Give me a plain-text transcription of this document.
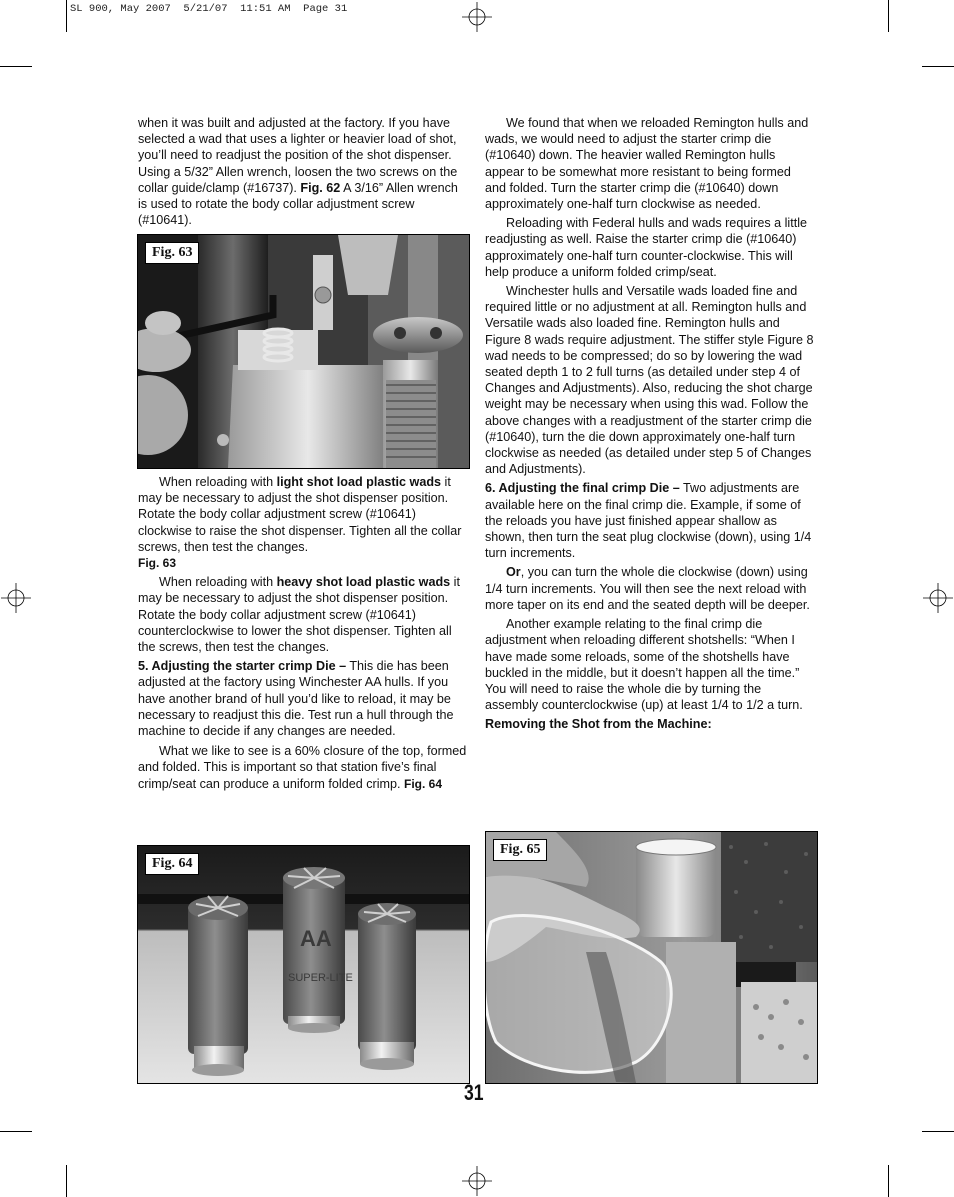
SL 900, May 2007  5/21/07  11:51 AM  Page 31

when it was built and adjusted at the factory. If you have selected a wad that uses a lighter or heavier load of shot, you’ll need to readjust the position of the shot dispenser. Using a 5/32” Allen wrench, loosen the two screws on the collar guide/clamp (#16737). Fig. 62 A 3/16” Allen wrench is used to rotate the body collar adjustment screw (#10641).

Fig. 63

When reloading with light shot load plastic wads it may be necessary to adjust the shot dispenser position. Rotate the body collar adjustment screw (#10641) clockwise to raise the shot dispenser. Tighten all the collar screws, then test the changes.
Fig. 63

When reloading with heavy shot load plastic wads it may be necessary to adjust the shot dispenser position. Rotate the body collar adjustment screw (#10641) counterclockwise to lower the shot dispenser. Tighten all the screws, then test the changes.

5. Adjusting the starter crimp Die – This die has been adjusted at the factory using Winchester AA hulls. If you have another brand of hull you’d like to reload, it may be necessary to readjust this die. Test run a hull through the machine to decide if any changes are needed.

What we like to see is a 60% closure of the top, formed and folded. This is important so that station five’s final crimp/seat can produce a uniform folded crimp. Fig. 64

Fig. 64
AA
SUPER-LITE

We found that when we reloaded Remington hulls and wads, we would need to adjust the starter crimp die (#10640) down. The heavier walled Remington hulls appear to be somewhat more resistant to being formed and folded. Turn the starter crimp die (#10640) down approximately one-half turn clockwise as needed.

Reloading with Federal hulls and wads requires a little readjusting as well. Raise the starter crimp die (#10640) approximately one-half turn counter-clockwise. This will help produce a uniform folded crimp/seat.

Winchester hulls and Versatile wads loaded fine and required little or no adjustment at all. Remington hulls and Versatile wads also loaded fine. Remington hulls and Figure 8 wads require adjustment. The stiffer style Figure 8 wad needs to be compressed; do so by lowering the wad seated depth 1 to 2 full turns (as detailed under step 4 of Changes and Adjustments). Also, reducing the shot charge weight may be necessary when using this wad. Follow the above changes with a readjustment of the starter crimp die (#10640), turn the die down approximately one-half turn clockwise as needed (as detailed under step 5 of Changes and Adjustments).

6. Adjusting the final crimp Die – Two adjustments are available here on the final crimp die. Example, if some of the reloads you have just finished appear shallow as shown, then turn the seat plug clockwise (down), using 1/4 turn increments.

Or, you can turn the whole die clockwise (down) using 1/4 turn increments. You will then see the next reload with more taper on its end and the seated depth will be deeper.

Another example relating to the final crimp die adjustment when reloading different shotshells: “When I have made some reloads, some of the shotshells have buckled in the middle, but it doesn’t happen all the time.” You will need to raise the whole die by turning the assembly counterclockwise (up) at least 1/4 to 1/2 a turn.

Removing the Shot from the Machine:

Fig. 65
31
